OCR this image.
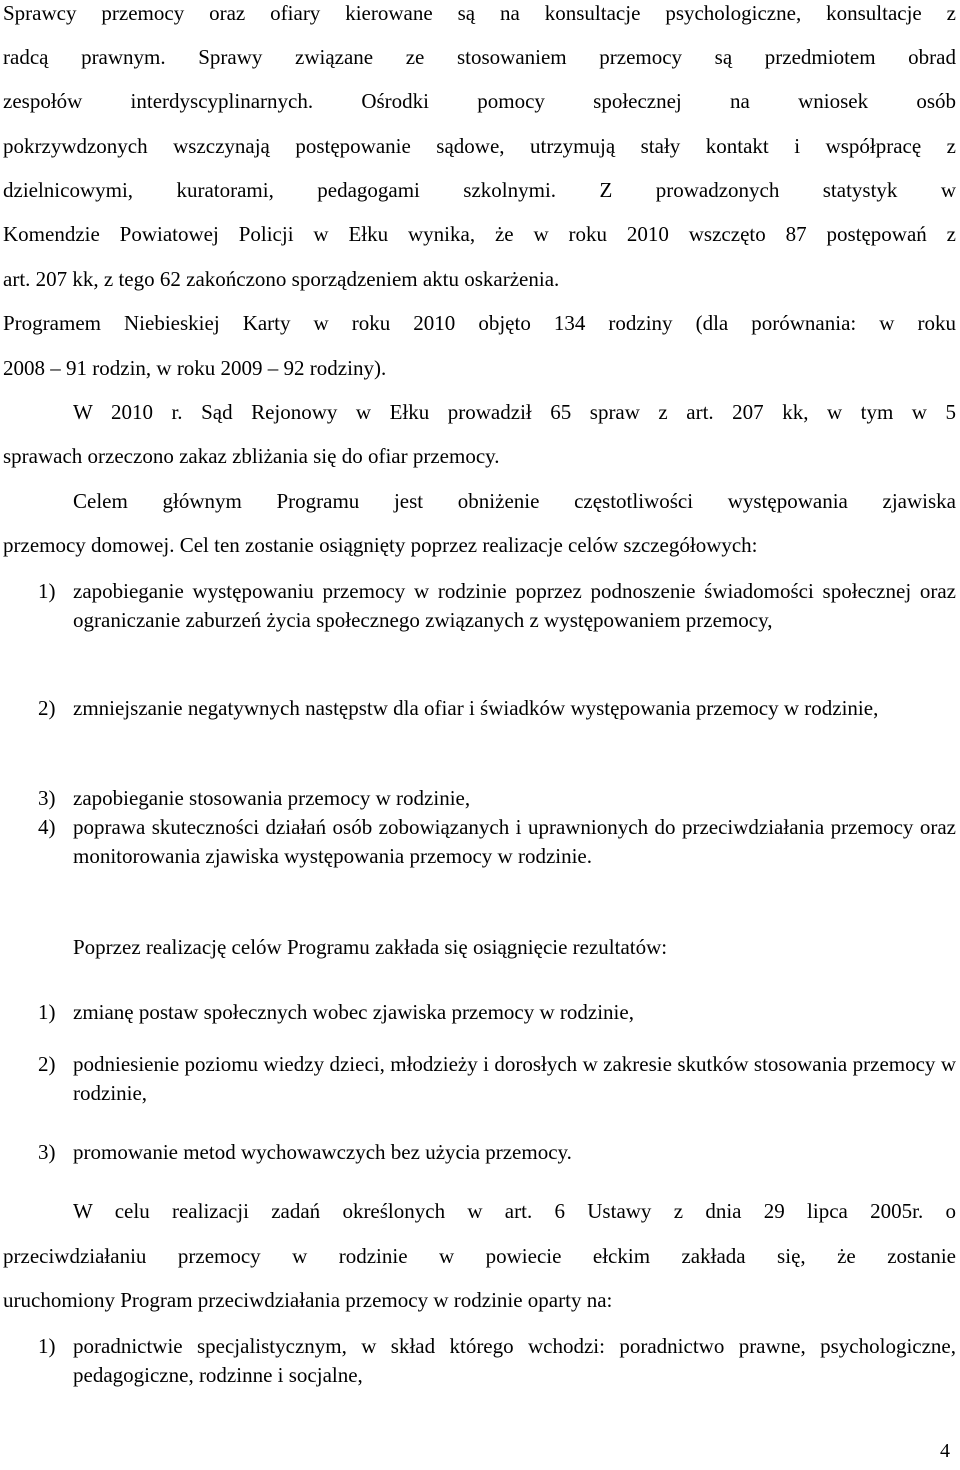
Sprawcy przemocy oraz ofiary kierowane są na konsultacje psychologiczne, konsultacje z

radcą prawnym. Sprawy związane ze stosowaniem przemocy są przedmiotem obrad

zespołów interdyscyplinarnych. Ośrodki pomocy społecznej na wniosek osób

pokrzywdzonych wszczynają postępowanie sądowe, utrzymują stały kontakt i współpracę z

dzielnicowymi, kuratorami, pedagogami szkolnymi. Z prowadzonych statystyk w

Komendzie Powiatowej Policji w Ełku wynika, że w roku 2010 wszczęto 87 postępowań z

art. 207 kk, z tego 62 zakończono sporządzeniem aktu oskarżenia.

Programem Niebieskiej Karty w roku 2010 objęto 134 rodziny (dla porównania: w roku

2008 – 91 rodzin, w roku 2009 – 92 rodziny).

W 2010 r. Sąd Rejonowy w Ełku prowadził 65 spraw z art. 207 kk, w tym w 5

sprawach orzeczono zakaz zbliżania się do ofiar przemocy.

Celem głównym Programu jest obniżenie częstotliwości występowania zjawiska

przemocy domowej. Cel ten zostanie osiągnięty poprzez realizacje celów szczegółowych:

1) zapobieganie występowaniu przemocy w rodzinie poprzez podnoszenie świadomości społecznej oraz ograniczanie zaburzeń życia społecznego związanych z występowaniem przemocy,

2) zmniejszanie negatywnych następstw dla ofiar i świadków występowania przemocy w rodzinie,

3) zapobieganie stosowania przemocy w rodzinie,

4) poprawa skuteczności działań osób zobowiązanych i uprawnionych do przeciwdziałania przemocy oraz monitorowania zjawiska występowania przemocy w rodzinie.

Poprzez realizację celów Programu zakłada się osiągnięcie rezultatów:

1) zmianę postaw społecznych wobec zjawiska przemocy w rodzinie,

2) podniesienie poziomu wiedzy dzieci, młodzieży i dorosłych w zakresie skutków stosowania przemocy w rodzinie,

3) promowanie metod wychowawczych bez użycia przemocy.

W celu realizacji zadań określonych w art. 6 Ustawy z dnia 29 lipca 2005r. o

przeciwdziałaniu przemocy w rodzinie w powiecie ełckim zakłada się, że zostanie

uruchomiony Program przeciwdziałania przemocy w rodzinie oparty na:

1) poradnictwie specjalistycznym, w skład którego wchodzi: poradnictwo prawne, psychologiczne, pedagogiczne, rodzinne i socjalne,

4
